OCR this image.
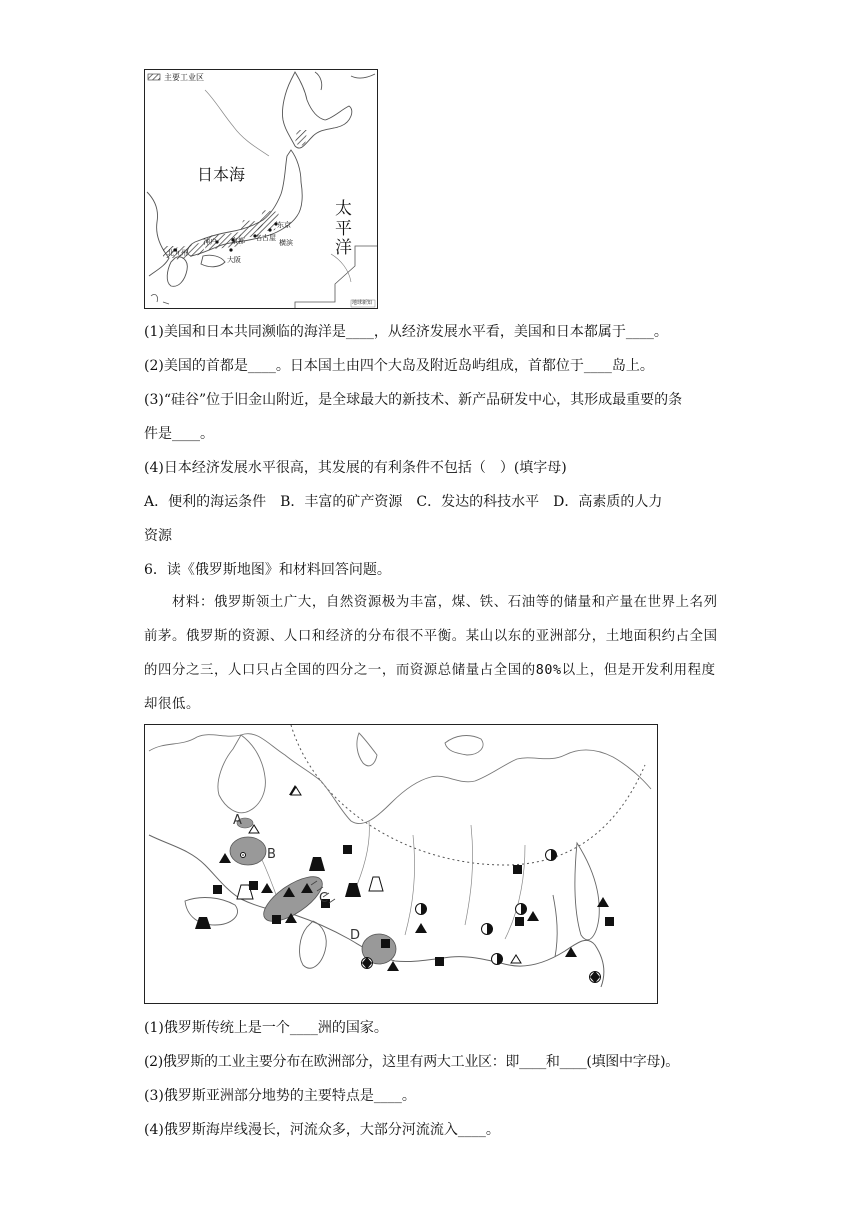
主要工业区
日本海
太
平
洋
东京
名古屋
横滨
神户 京都
大阪
北九州
地球新知
(1)美国和日本共同濒临的海洋是____，从经济发展水平看，美国和日本都属于____。
(2)美国的首都是____。日本国土由四个大岛及附近岛屿组成，首都位于____岛上。
(3)“硅谷”位于旧金山附近，是全球最大的新技术、新产品研发中心，其形成最重要的条
件是____。
(4)日本经济发展水平很高，其发展的有利条件不包括（　）(填字母)
A．便利的海运条件　B．丰富的矿产资源　C．发达的科技水平　D．高素质的人力
资源
6．读《俄罗斯地图》和材料回答问题。
　　材料：俄罗斯领土广大，自然资源极为丰富，煤、铁、石油等的储量和产量在世界上名列前茅。俄罗斯的资源、人口和经济的分布很不平衡。某山以东的亚洲部分，土地面积约占全国的四分之三，人口只占全国的四分之一，而资源总储量占全国的80%以上，但是开发利用程度却很低。
A
B
C
D
(1)俄罗斯传统上是一个____洲的国家。
(2)俄罗斯的工业主要分布在欧洲部分，这里有两大工业区：即____和____(填图中字母)。
(3)俄罗斯亚洲部分地势的主要特点是____。
(4)俄罗斯海岸线漫长，河流众多，大部分河流流入____。
